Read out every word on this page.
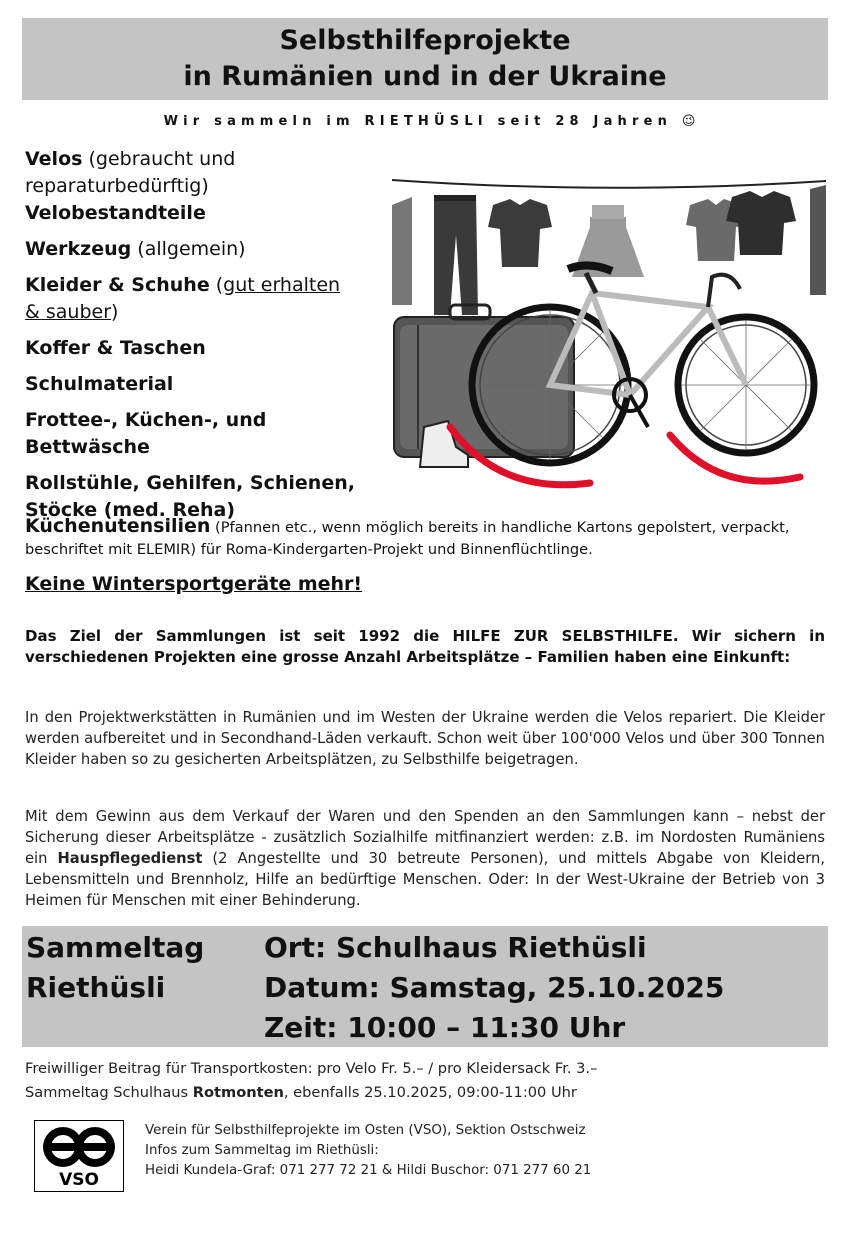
Selbsthilfeprojekte
in Rumänien und in der Ukraine
Wir sammeln im RIETHÜSLI seit 28 Jahren 😉
Velos (gebraucht und reparaturbedürftig)
Velobestandteile
Werkzeug (allgemein)
Kleider & Schuhe (gut erhalten
& sauber)
Koffer & Taschen
Schulmaterial
Frottee-, Küchen-, und
Bettwäsche
Rollstühle, Gehilfen, Schienen,
Stöcke (med. Reha)
Küchenutensilien (Pfannen etc., wenn möglich bereits in handliche Kartons gepolstert, verpackt, beschriftet mit ELEMIR) für Roma-Kindergarten-Projekt und Binnenflüchtlinge.
Keine Wintersportgeräte mehr!
Das Ziel der Sammlungen ist seit 1992 die HILFE ZUR SELBSTHILFE. Wir sichern in verschiedenen Projekten eine grosse Anzahl Arbeitsplätze – Familien haben eine Einkunft:
In den Projektwerkstätten in Rumänien und im Westen der Ukraine werden die Velos repariert. Die Kleider werden aufbereitet und in Secondhand-Läden verkauft. Schon weit über 100'000 Velos und über 300 Tonnen Kleider haben so zu gesicherten Arbeitsplätzen, zu Selbsthilfe beigetragen.
Mit dem Gewinn aus dem Verkauf der Waren und den Spenden an den Sammlungen kann – nebst der Sicherung dieser Arbeitsplätze - zusätzlich Sozialhilfe mitfinanziert werden: z.B. im Nordosten Rumäniens ein Hauspflegedienst (2 Angestellte und 30 betreute Personen), und mittels Abgabe von Kleidern, Lebensmitteln und Brennholz, Hilfe an bedürftige Menschen. Oder: In der West-Ukraine der Betrieb von 3 Heimen für Menschen mit einer Behinderung.
Sammeltag
Riethüsli
Ort: Schulhaus Riethüsli
Datum: Samstag, 25.10.2025
Zeit: 10:00 – 11:30 Uhr
Freiwilliger Beitrag für Transportkosten: pro Velo Fr. 5.– / pro Kleidersack Fr. 3.–
Sammeltag Schulhaus Rotmonten, ebenfalls 25.10.2025, 09:00-11:00 Uhr
VSO
Verein für Selbsthilfeprojekte im Osten (VSO), Sektion Ostschweiz
Infos zum Sammeltag im Riethüsli:
Heidi Kundela-Graf: 071 277 72 21 & Hildi Buschor: 071 277 60 21
